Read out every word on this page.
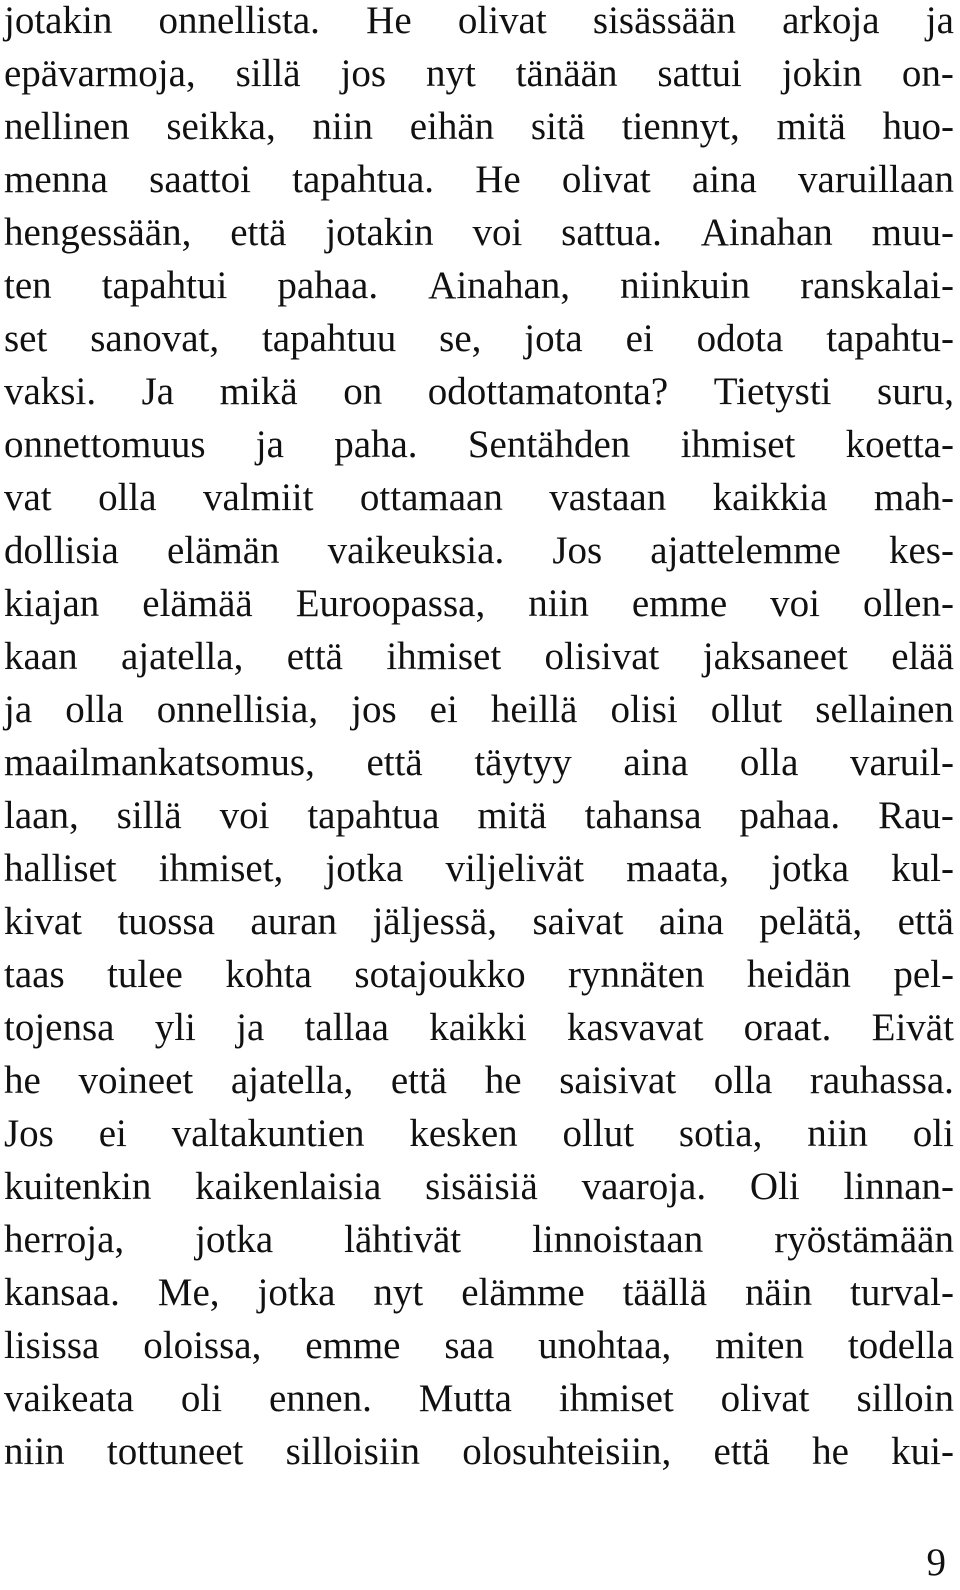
jotakin onnellista. He olivat sisässään arkoja ja
epävarmoja, sillä jos nyt tänään sattui jokin on-
nellinen seikka, niin eihän sitä tiennyt, mitä huo-
menna saattoi tapahtua. He olivat aina varuillaan
hengessään, että jotakin voi sattua. Ainahan muu-
ten tapahtui pahaa. Ainahan, niinkuin ranskalai-
set sanovat, tapahtuu se, jota ei odota tapahtu-
vaksi. Ja mikä on odottamatonta? Tietysti suru,
onnettomuus ja paha. Sentähden ihmiset koetta-
vat olla valmiit ottamaan vastaan kaikkia mah-
dollisia elämän vaikeuksia. Jos ajattelemme kes-
kiajan elämää Euroopassa, niin emme voi ollen-
kaan ajatella, että ihmiset olisivat jaksaneet elää
ja olla onnellisia, jos ei heillä olisi ollut sellainen
maailmankatsomus, että täytyy aina olla varuil-
laan, sillä voi tapahtua mitä tahansa pahaa. Rau-
halliset ihmiset, jotka viljelivät maata, jotka kul-
kivat tuossa auran jäljessä, saivat aina pelätä, että
taas tulee kohta sotajoukko rynnäten heidän pel-
tojensa yli ja tallaa kaikki kasvavat oraat. Eivät
he voineet ajatella, että he saisivat olla rauhassa.
Jos ei valtakuntien kesken ollut sotia, niin oli
kuitenkin kaikenlaisia sisäisiä vaaroja. Oli linnan-
herroja, jotka lähtivät linnoistaan ryöstämään
kansaa. Me, jotka nyt elämme täällä näin turval-
lisissa oloissa, emme saa unohtaa, miten todella
vaikeata oli ennen. Mutta ihmiset olivat silloin
niin tottuneet silloisiin olosuhteisiin, että he kui-
9
